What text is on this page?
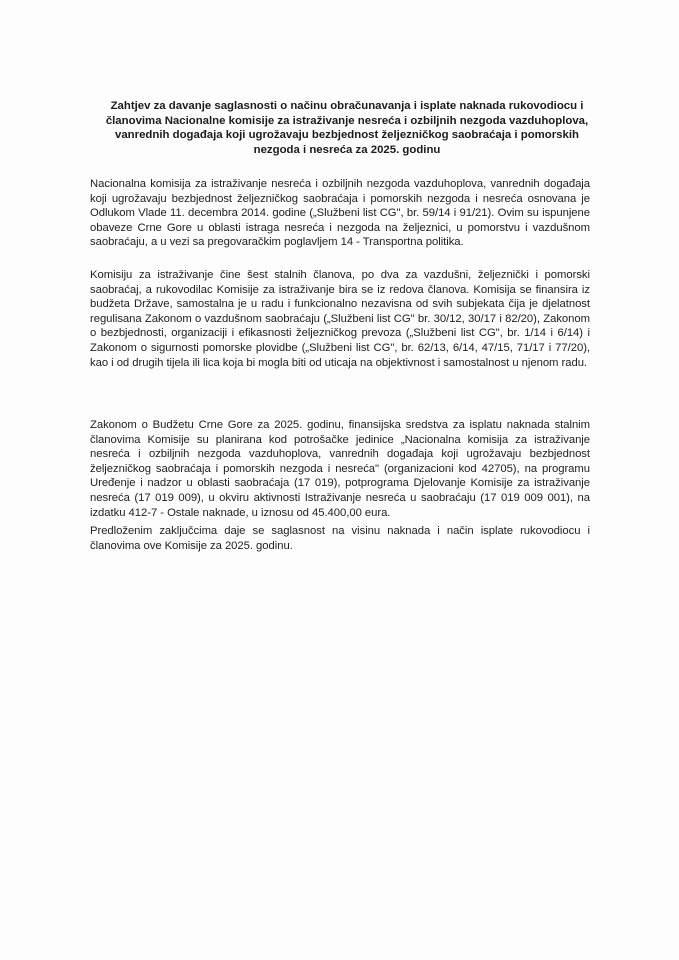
Zahtjev za davanje saglasnosti o načinu obračunavanja i isplate naknada rukovodiocu i članovima Nacionalne komisije za istraživanje nesreća i ozbiljnih nezgoda vazduhoplova, vanrednih događaja koji ugrožavaju bezbjednost željezničkog saobraćaja i pomorskih nezgoda i nesreća za 2025. godinu

Nacionalna komisija za istraživanje nesreća i ozbiljnih nezgoda vazduhoplova, vanrednih događaja koji ugrožavaju bezbjednost željezničkog saobraćaja i pomorskih nezgoda i nesreća osnovana je Odlukom Vlade 11. decembra 2014. godine („Službeni list CG", br. 59/14 i 91/21). Ovim su ispunjene obaveze Crne Gore u oblasti istraga nesreća i nezgoda na željeznici, u pomorstvu i vazdušnom saobraćaju, a u vezi sa pregovaračkim poglavljem 14 - Transportna politika.

Komisiju za istraživanje čine šest stalnih članova, po dva za vazdušni, željeznički i pomorski saobraćaj, a rukovodilac Komisije za istraživanje bira se iz redova članova. Komisija se finansira iz budžeta Države, samostalna je u radu i funkcionalno nezavisna od svih subjekata čija je djelatnost regulisana Zakonom o vazdušnom saobraćaju („Službeni list CG" br. 30/12, 30/17 i 82/20), Zakonom o bezbjednosti, organizaciji i efikasnosti željezničkog prevoza („Službeni list CG", br. 1/14 i 6/14) i Zakonom o sigurnosti pomorske plovidbe („Službeni list CG", br. 62/13, 6/14, 47/15, 71/17 i 77/20), kao i od drugih tijela ili lica koja bi mogla biti od uticaja na objektivnost i samostalnost u njenom radu.

Zakonom o Budžetu Crne Gore za 2025. godinu, finansijska sredstva za isplatu naknada stalnim članovima Komisije su planirana kod potrošačke jedinice „Nacionalna komisija za istraživanje nesreća i ozbiljnih nezgoda vazduhoplova, vanrednih događaja koji ugrožavaju bezbjednost željezničkog saobraćaja i pomorskih nezgoda i nesreća" (organizacioni kod 42705), na programu Uređenje i nadzor u oblasti saobraćaja (17 019), potprograma Djelovanje Komisije za istraživanje nesreća (17 019 009), u okviru aktivnosti Istraživanje nesreća u saobraćaju (17 019 009 001), na izdatku 412-7 - Ostale naknade, u iznosu od 45.400,00 eura.

Predloženim zaključcima daje se saglasnost na visinu naknada i način isplate rukovodiocu i članovima ove Komisije za 2025. godinu.
